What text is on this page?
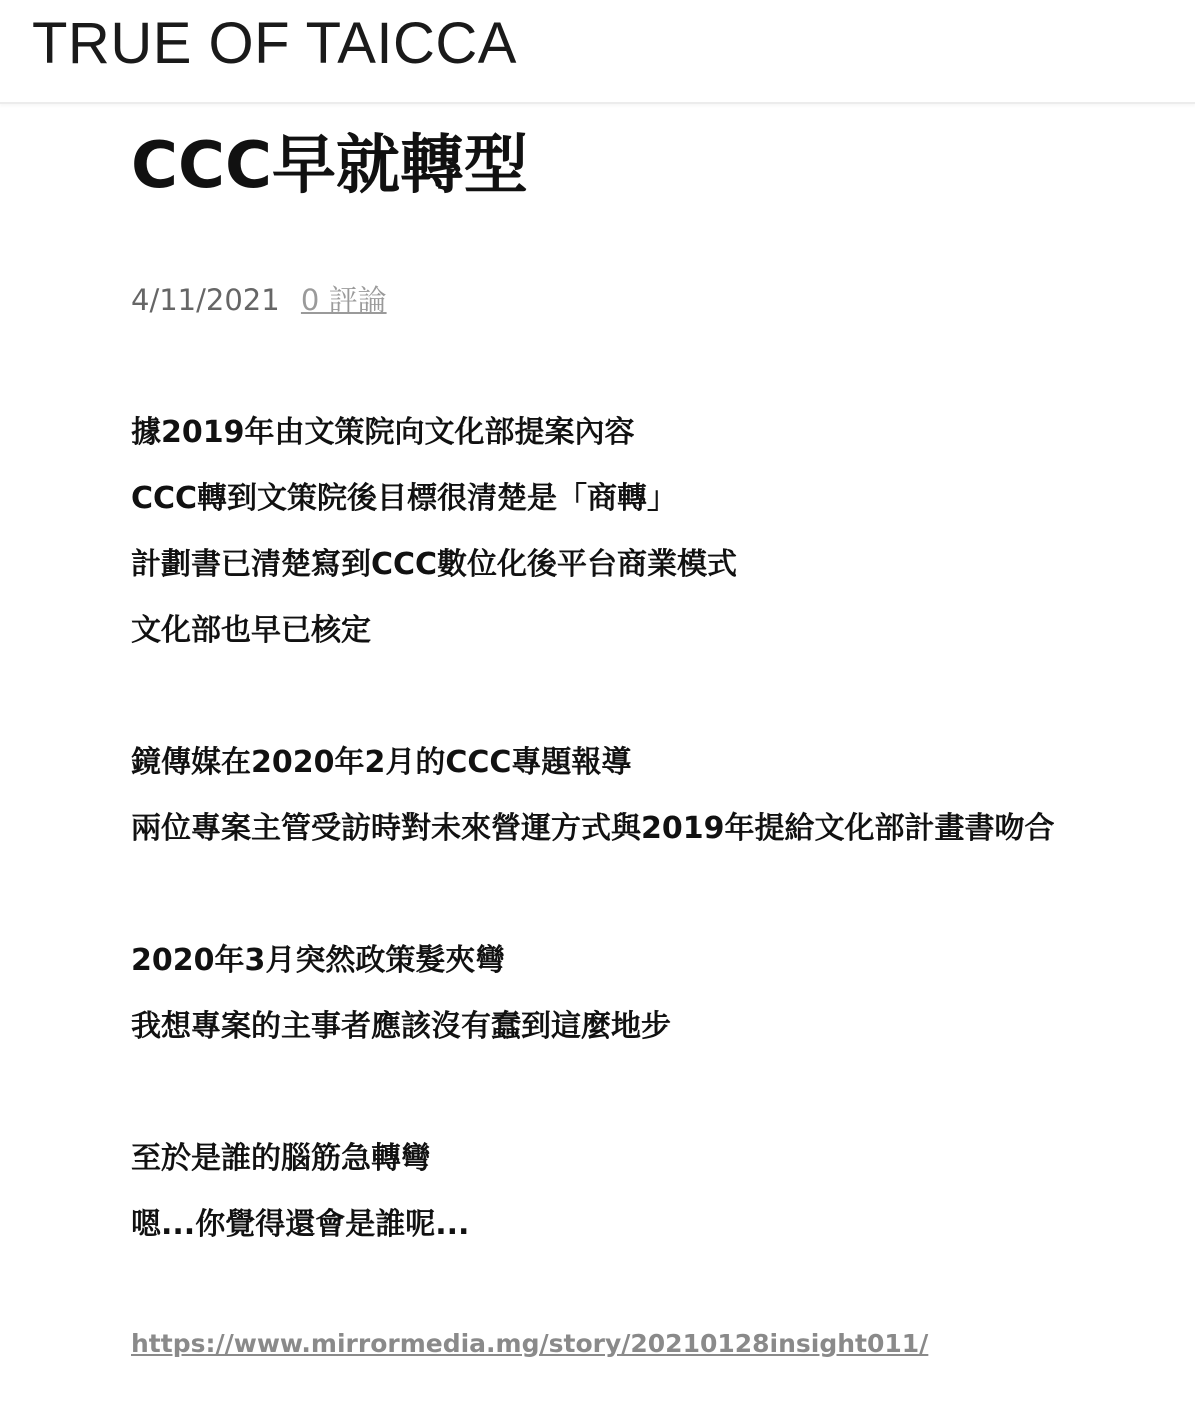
TRUE OF TAICCA
CCC早就轉型
4/11/2021 0 評論
據2019年由文策院向文化部提案內容
CCC轉到文策院後目標很清楚是「商轉」
計劃書已清楚寫到CCC數位化後平台商業模式
文化部也早已核定
鏡傳媒在2020年2月的CCC專題報導
兩位專案主管受訪時對未來營運方式與2019年提給文化部計畫書吻合
2020年3月突然政策髮夾彎
我想專案的主事者應該沒有蠢到這麼地步
至於是誰的腦筋急轉彎
嗯...你覺得還會是誰呢...
https://www.mirrormedia.mg/story/20210128insight011/
